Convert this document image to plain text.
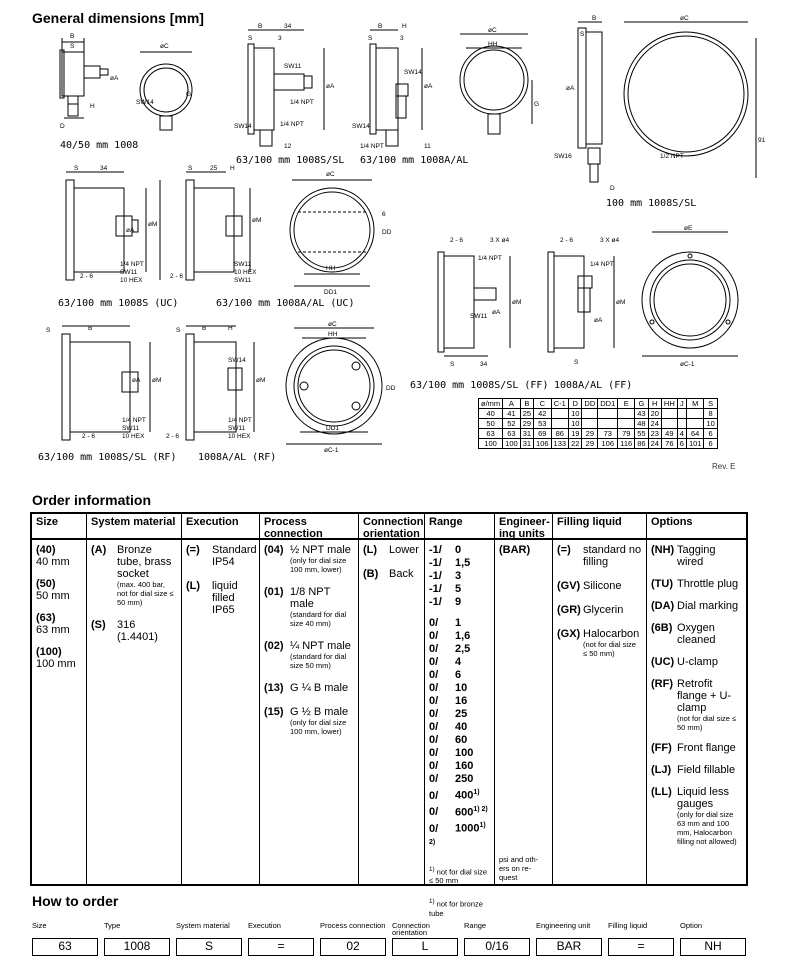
General dimensions [mm]
B
S
øA
H
D
øC
SW14
G
40/50 mm 1008
B	34
S	3
SW11
1/4 NPT
øA
SW14	1/4 NPT
12
63/100 mm 1008S/SL
B	H
S	3
SW14
øA
SW14
1/4 NPT	11
63/100 mm 1008A/AL
øC
HH
G
B
S
øA
øC
91
SW16	1/2 NPT
D
100 mm 1008S/SL
S	34
øA
øM
2 - 6
1/4 NPT
SW11
10 HEX
63/100 mm 1008S (UC)
S	25 H
øM
2 - 6
SW11
10 HEX
SW11
63/100 mm 1008A/AL (UC)
øC
HH
DD1
DD
6
2 - 6	3 X ø4
1/4 NPT
øA
øM
SW11
S	34
63/100 mm 1008S/SL (FF)
2 - 6	3 X ø4
1/4 NPT
øA
øM
S
1008A/AL (FF)
øE
øC-1
S	B
øA øM
2 - 6
1/4 NPT
SW11
10 HEX
63/100 mm 1008S/SL (RF)
S	B	H
SW14
øM
2 - 6
1/4 NPT
SW11
10 HEX
1008A/AL (RF)
øC
HH
DD1
øC-1
DD
ø/mm	A	B	C	C-1	D	DD	DD1	E	G	H	HH	J	M	S
40	41	25	42		10				43	20				8
50	52	29	53		10				48	24				10
63	63	31	69	86	19	29	73	79	55	23	49	4	64	6
100	100	31	106	133	22	29	106	116	86	24	76	6	101	6
Rev. E
Order information
Size
(40)
40 mm
(50)
50 mm
(63)
63 mm
(100)
100 mm
System material
(A) Bronze tube, brass socket
(max. 400 bar, not for dial size ≤ 50 mm)
(S)	316 (1.4401)
Execution
(=)	Standard IP54
(L)	liquid filled IP65
Process connection
(04) ½ NPT male
(only for dial size 100 mm, lower)
(01) 1/8 NPT male
(standard for dial size 40 mm)
(02) ¼ NPT male
(standard for dial size 50 mm)
(13) G ¼ B male
(15) G ½ B male
(only for dial size 100 mm, lower)
Connection orientation
(L)	Lower
(B) Back
Range
-1/ 0
-1/ 1,5
-1/ 3
-1/ 5
-1/ 9
0/ 1
0/ 1,6
0/ 2,5
0/ 4
0/ 6
0/ 10
0/ 16
0/ 25
0/ 40
0/ 60
0/ 100
0/ 160
0/ 250
0/ 400$^{1)}$
0/ $600^{1) 2)}$
0/ $1000^{1) 2)}$
$^{1)}$ not for dial size ≤ 50 mm
$^{1)}$ not for bronze tube
Engineer-ing units
(BAR)
psi and oth-ers on re-quest
Filling liquid
(=)	standard no filling
(GV) Silicone
(GR) Glycerin
(GX) Halocarbon
(not for dial size ≤ 50 mm)
Options
(NH) Tagging wired
(TU) Throttle plug
(DA) Dial marking
(6B) Oxygen cleaned
(UC) U-clamp
(RF) Retrofit flange + U-clamp
(not for dial size ≤ 50 mm)
(FF) Front flange
(LJ) Field fillable
(LL) Liquid less gauges
(only for dial size 63 mm and 100 mm, Halocarbon filling not allowed)
How to order
Size
63
Type
1008
System material
S
Execution
=
Process connection
02
Connection orientation
L
Range
0/16
Engineering unit
BAR
Filling liquid
=
Option
NH
